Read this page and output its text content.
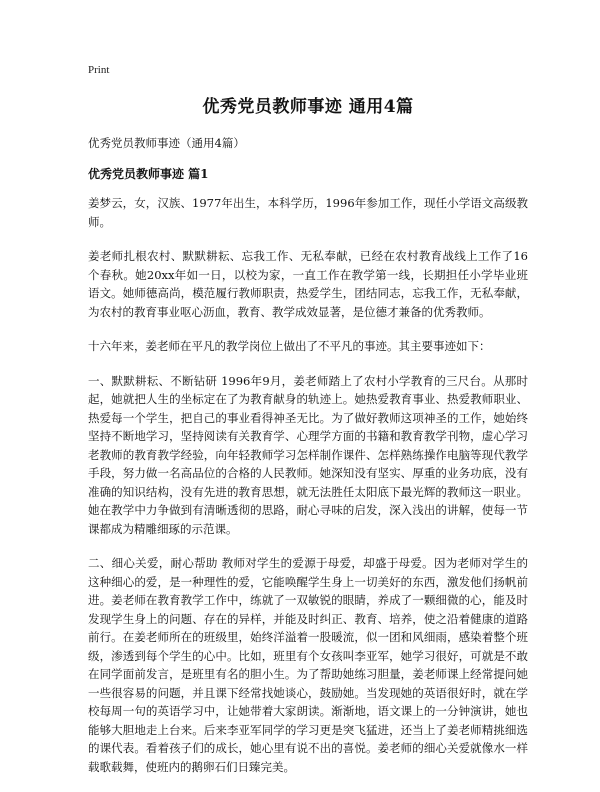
Print
优秀党员教师事迹 通用4篇
优秀党员教师事迹（通用4篇）
优秀党员教师事迹 篇1

姜梦云，女，汉族、1977年出生，本科学历，1996年参加工作，现任小学语文高级教师。

姜老师扎根农村、默默耕耘、忘我工作、无私奉献，已经在农村教育战线上工作了16个春秋。她20xx年如一日，以校为家，一直工作在教学第一线，长期担任小学毕业班语文。她师德高尚，模范履行教师职责，热爱学生，团结同志，忘我工作，无私奉献，为农村的教育事业呕心沥血，教育、教学成效显著，是位德才兼备的优秀教师。

十六年来，姜老师在平凡的教学岗位上做出了不平凡的事迹。其主要事迹如下：

一、默默耕耘、不断钻研 1996年9月，姜老师踏上了农村小学教育的三尺台。从那时起，她就把人生的坐标定在了为教育献身的轨迹上。她热爱教育事业、热爱教师职业、热爱每一个学生，把自己的事业看得神圣无比。为了做好教师这项神圣的工作，她始终坚持不断地学习，坚持阅读有关教育学、心理学方面的书籍和教育教学刊物，虚心学习老教师的教育教学经验，向年轻教师学习怎样制作课件、怎样熟练操作电脑等现代教学手段，努力做一名高品位的合格的人民教师。她深知没有坚实、厚重的业务功底，没有准确的知识结构，没有先进的教育思想，就无法胜任太阳底下最光辉的教师这一职业。她在教学中力争做到有清晰透彻的思路，耐心寻味的启发，深入浅出的讲解，使每一节课都成为精雕细琢的示范课。

二、细心关爱，耐心帮助 教师对学生的爱源于母爱，却盛于母爱。因为老师对学生的这种细心的爱，是一种理性的爱，它能唤醒学生身上一切美好的东西，激发他们扬帆前进。姜老师在教育教学工作中，练就了一双敏锐的眼睛，养成了一颗细微的心，能及时发现学生身上的问题、存在的异样，并能及时纠正、教育、培养，使之沿着健康的道路前行。在姜老师所在的班级里，始终洋溢着一股暖流，似一团和风细雨，感染着整个班级，渗透到每个学生的心中。比如，班里有个女孩叫李亚军，她学习很好，可就是不敢在同学面前发言，是班里有名的胆小生。为了帮助她练习胆量，姜老师课上经常提问她一些很容易的问题，并且课下经常找她谈心，鼓励她。当发现她的英语很好时，就在学校每周一句的英语学习中，让她带着大家朗读。渐渐地，语文课上的一分钟演讲，她也能够大胆地走上台来。后来李亚军同学的学习更是突飞猛进，还当上了姜老师精挑细选的课代表。看着孩子们的成长，她心里有说不出的喜悦。姜老师的细心关爱就像水一样载歌载舞，使班内的鹅卵石们日臻完美。
